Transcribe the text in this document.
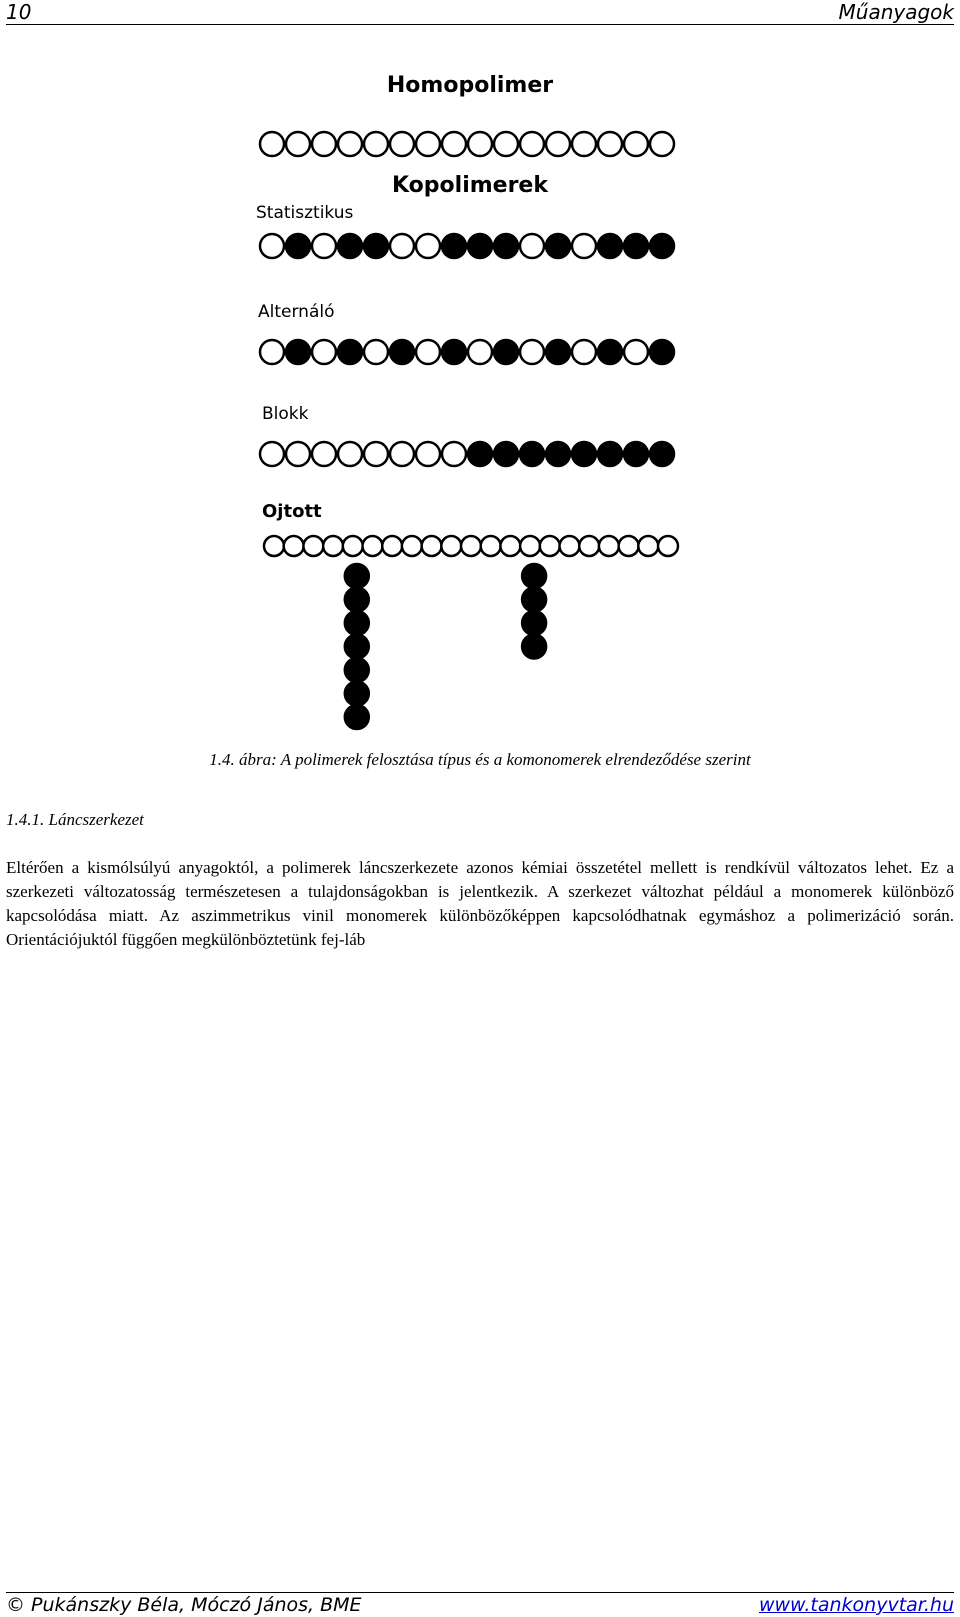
10	Műanyagok
Homopolimer
Kopolimerek
Statisztikus
Alternáló
Blokk
Ojtott
1.4. ábra: A polimerek felosztása típus és a komonomerek elrendeződése szerint
1.4.1. Láncszerkezet
Eltérően a kismólsúlyú anyagoktól, a polimerek láncszerkezete azonos kémiai összetétel mellett is rendkívül változatos lehet. Ez a szerkezeti változatosság természetesen a tulajdonságokban is jelentkezik. A szerkezet változhat például a monomerek különböző kapcsolódása miatt. Az aszimmetrikus vinil monomerek különbözőképpen kapcsolódhatnak egymáshoz a polimerizáció során. Orientációjuktól függően megkülönböztetünk fej-láb
© Pukánszky Béla, Móczó János, BME	www.tankonyvtar.hu
